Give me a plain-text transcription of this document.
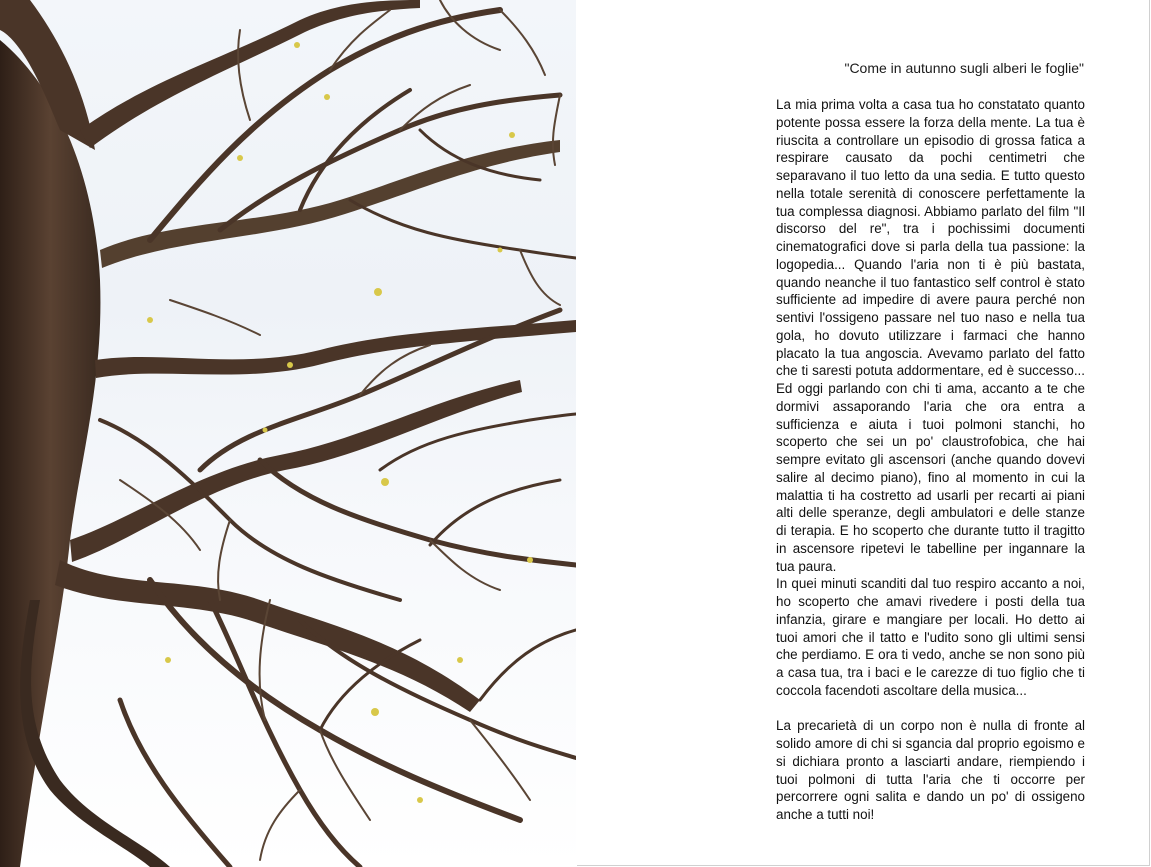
"Come in autunno sugli alberi le foglie"

La mia prima volta a casa tua ho constatato quanto potente possa essere la forza della mente. La tua è riuscita a controllare un episodio di grossa fatica a respirare causato da pochi centimetri che separavano il tuo letto da una sedia. E tutto questo nella totale serenità di conoscere perfettamente la tua complessa diagnosi. Abbiamo parlato del film "Il discorso del re", tra i pochissimi documenti cinematografici dove si parla della tua passione: la logopedia... Quando l'aria non ti è più bastata, quando neanche il tuo fantastico self control è stato sufficiente ad impedire di avere paura perché non sentivi l'ossigeno passare nel tuo naso e nella tua gola, ho dovuto utilizzare i farmaci che hanno placato la tua angoscia. Avevamo parlato del fatto che ti saresti potuta addormentare, ed è successo... Ed oggi parlando con chi ti ama, accanto a te che dormivi assaporando l'aria che ora entra a sufficienza e aiuta i tuoi polmoni stanchi, ho scoperto che sei un po' claustrofobica, che hai sempre evitato gli ascensori (anche quando dovevi salire al decimo piano), fino al momento in cui la malattia ti ha costretto ad usarli per recarti ai piani alti delle speranze, degli ambulatori e delle stanze di terapia. E ho scoperto che durante tutto il tragitto in ascensore ripetevi le tabelline per ingannare la tua paura.

In quei minuti scanditi dal tuo respiro accanto a noi, ho scoperto che amavi rivedere i posti della tua infanzia, girare e mangiare per locali. Ho detto ai tuoi amori che il tatto e l'udito sono gli ultimi sensi che perdiamo. E ora ti vedo, anche se non sono più a casa tua, tra i baci e le carezze di tuo figlio che ti coccola facendoti ascoltare della musica...

La precarietà di un corpo non è nulla di fronte al solido amore di chi si sgancia dal proprio egoismo e si dichiara pronto a lasciarti andare, riempiendo i tuoi polmoni di tutta l'aria che ti occorre per percorrere ogni salita e dando un po' di ossigeno anche a tutti noi!
